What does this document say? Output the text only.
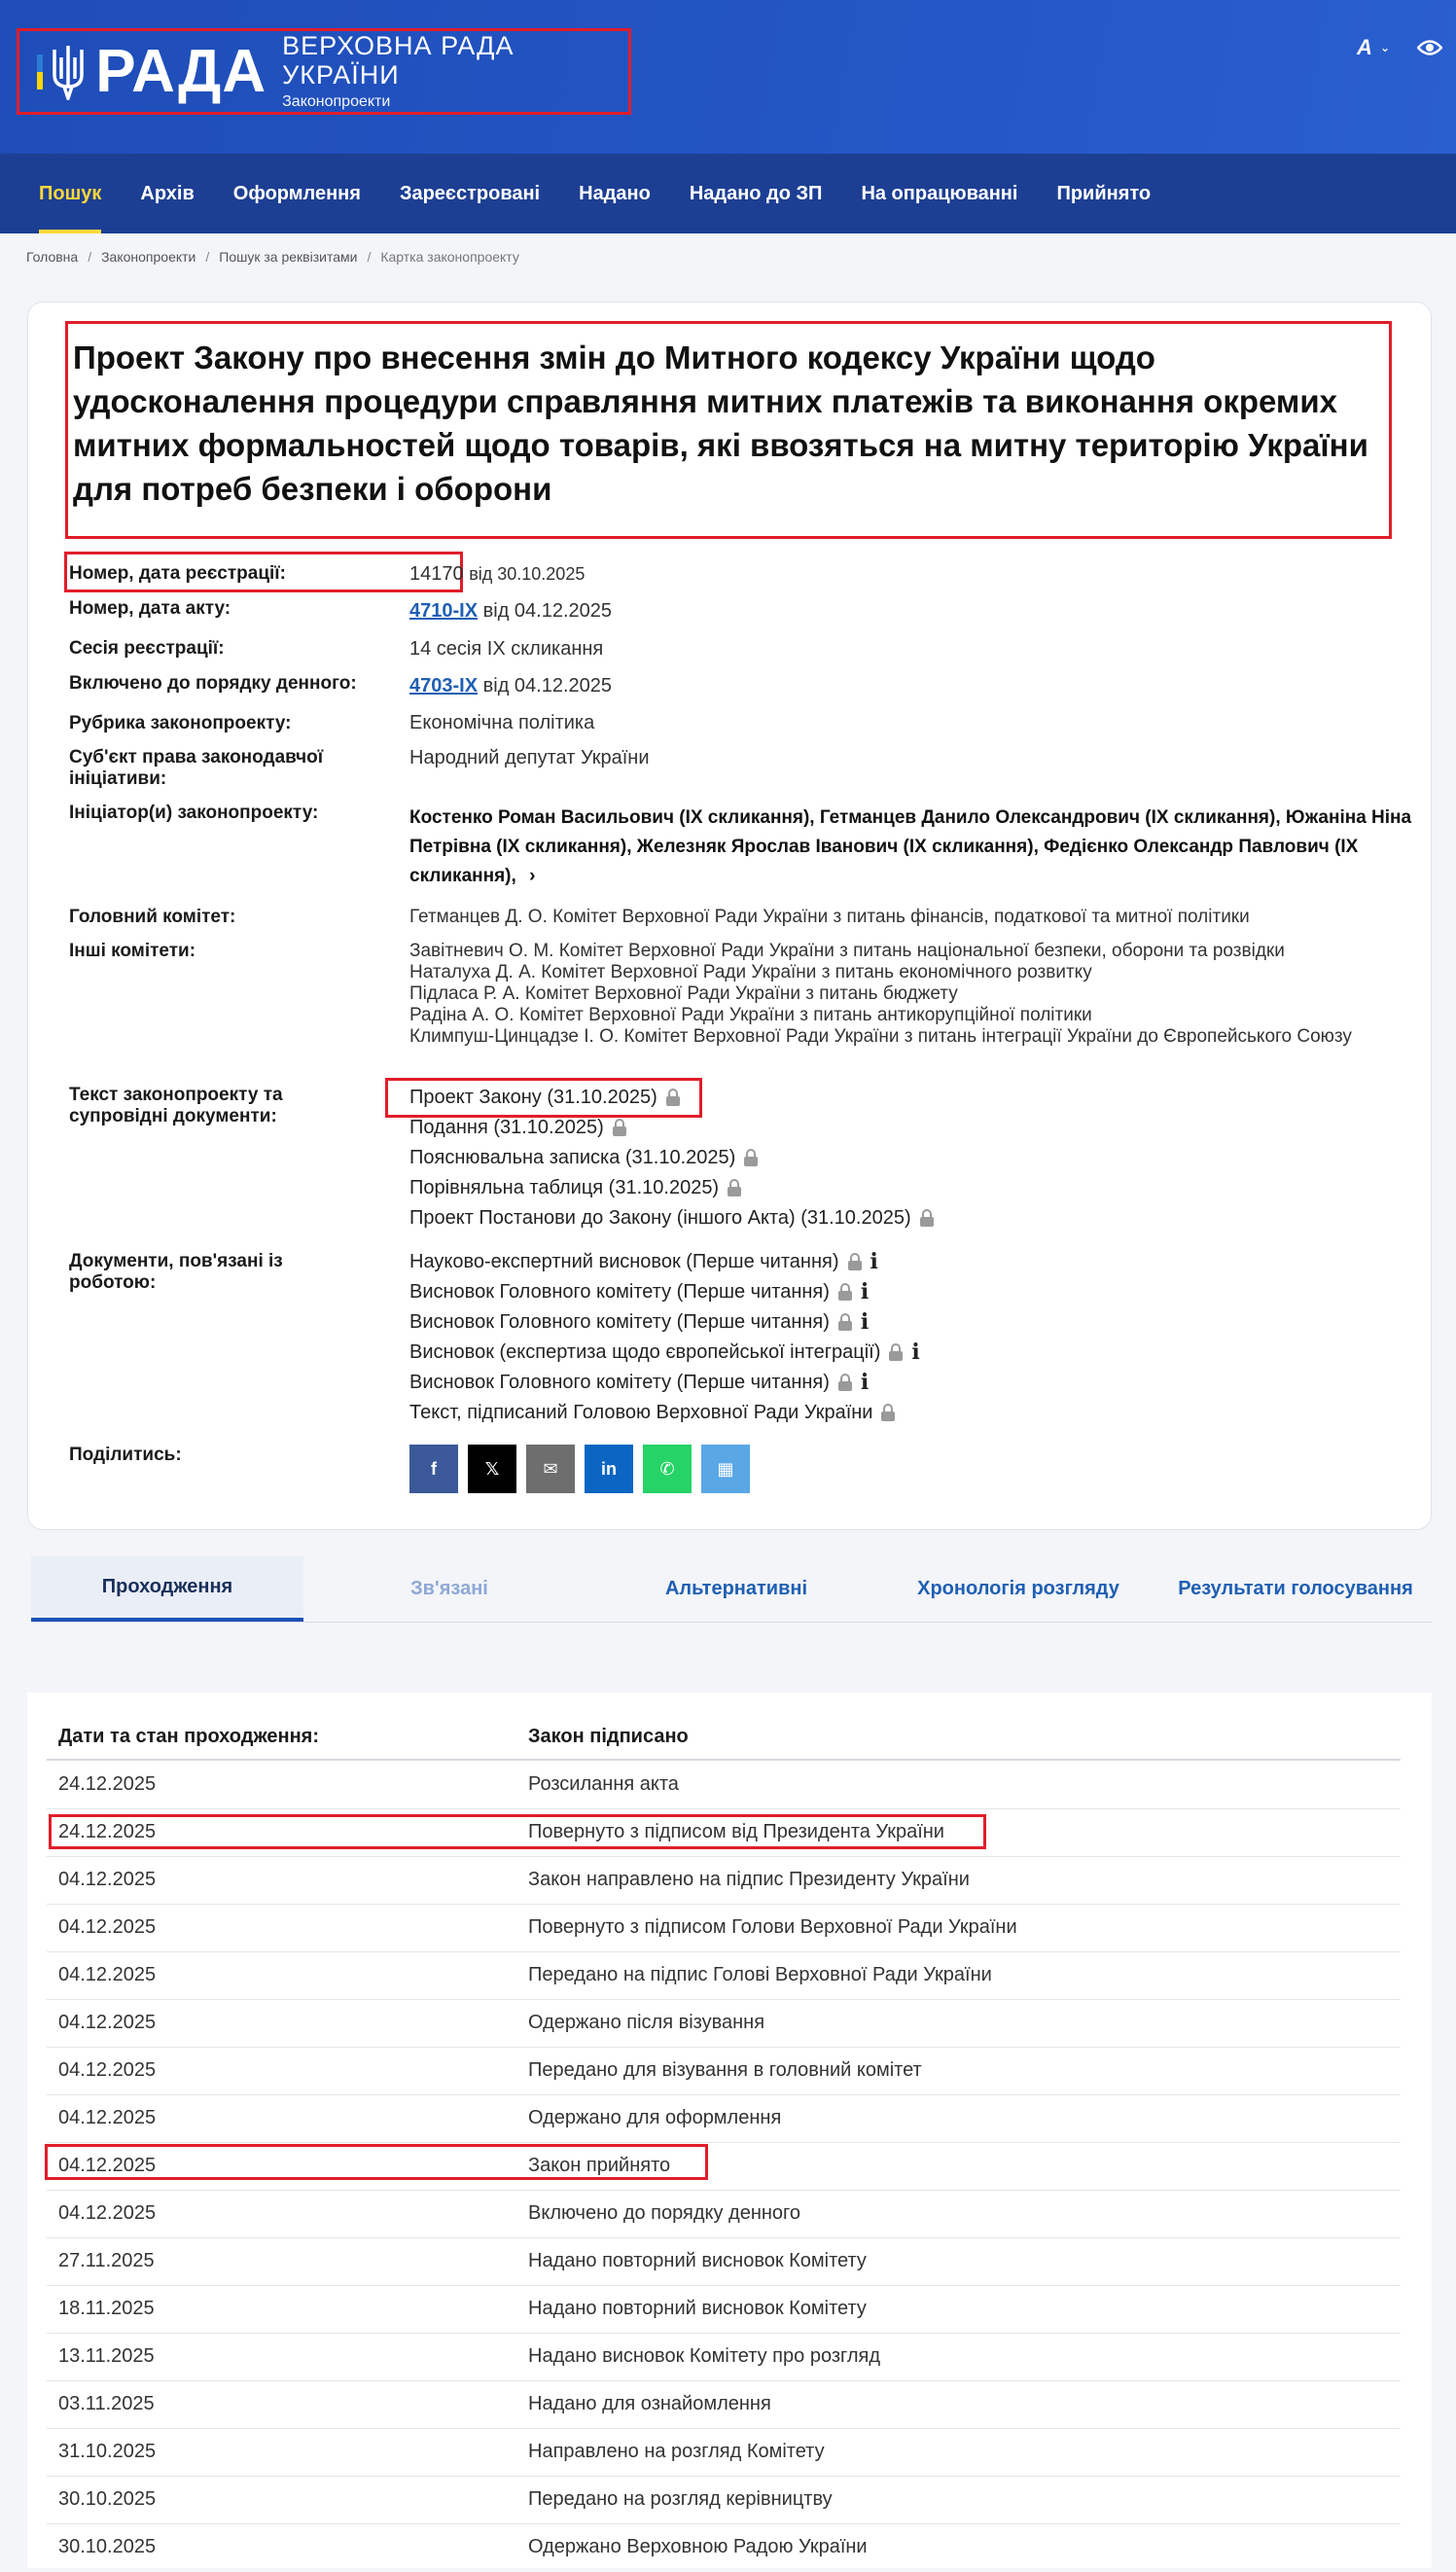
РАДА ВЕРХОВНА РАДА УКРАЇНИ
Законопроекти
A ⌄
Пошук	Архів	Оформлення	Зареєстровані	Надано	Надано до ЗП	На опрацюванні	Прийнято
Головна / Законопроекти / Пошук за реквізитами / Картка законопроекту
Проект Закону про внесення змін до Митного кодексу України щодо удосконалення процедури справляння митних платежів та виконання окремих митних формальностей щодо товарів, які ввозяться на митну територію України для потреб безпеки і оборони
Номер, дата реєстрації:	14170 від 30.10.2025
Номер, дата акту:	4710-IX від 04.12.2025
Сесія реєстрації:	14 сесія IX скликання
Включено до порядку денного:	4703-IX від 04.12.2025
Рубрика законопроекту:	Економічна політика
Суб'єкт права законодавчої ініціативи:
Народний депутат України
Ініціатор(и) законопроекту:	Костенко Роман Васильович (IX скликання), Гетманцев Данило Олександрович (IX скликання), Южаніна Ніна Петрівна (IX скликання), Железняк Ярослав Іванович (IX скликання), Федієнко Олександр Павлович (IX скликання), ›
Головний комітет:	Гетманцев Д. О. Комітет Верховної Ради України з питань фінансів, податкової та митної політики
Інші комітети:	Завітневич О. М. Комітет Верховної Ради України з питань національної безпеки, оборони та розвідки
Наталуха Д. А. Комітет Верховної Ради України з питань економічного розвитку
Підласа Р. А. Комітет Верховної Ради України з питань бюджету
Радіна А. О. Комітет Верховної Ради України з питань антикорупційної політики
Климпуш-Цинцадзе І. О. Комітет Верховної Ради України з питань інтеграції України до Європейського Союзу
Текст законопроекту та супровідні документи:
Проект Закону (31.10.2025)
Подання (31.10.2025)
Пояснювальна записка (31.10.2025)
Порівняльна таблиця (31.10.2025)
Проект Постанови до Закону (іншого Акта) (31.10.2025)
Документи, пов'язані із роботою:
Науково-експертний висновок (Перше читання) i
Висновок Головного комітету (Перше читання) i
Висновок Головного комітету (Перше читання) i
Висновок (експертиза щодо європейської інтеграції) i
Висновок Головного комітету (Перше читання) i
Текст, підписаний Головою Верховної Ради України
Поділитись:
f	𝕏	✉	in	✆	▦
Проходження	Зв'язані	Альтернативні	Хронологія розгляду	Результати голосування
Дати та стан проходження:	Закон підписано
24.12.2025	Розсилання акта
24.12.2025	Повернуто з підписом від Президента України
04.12.2025	Закон направлено на підпис Президенту України
04.12.2025	Повернуто з підписом Голови Верховної Ради України
04.12.2025	Передано на підпис Голові Верховної Ради України
04.12.2025	Одержано після візування
04.12.2025	Передано для візування в головний комітет
04.12.2025	Одержано для оформлення
04.12.2025	Закон прийнято
04.12.2025	Включено до порядку денного
27.11.2025	Надано повторний висновок Комітету
18.11.2025	Надано повторний висновок Комітету
13.11.2025	Надано висновок Комітету про розгляд
03.11.2025	Надано для ознайомлення
31.10.2025	Направлено на розгляд Комітету
30.10.2025	Передано на розгляд керівництву
30.10.2025	Одержано Верховною Радою України
